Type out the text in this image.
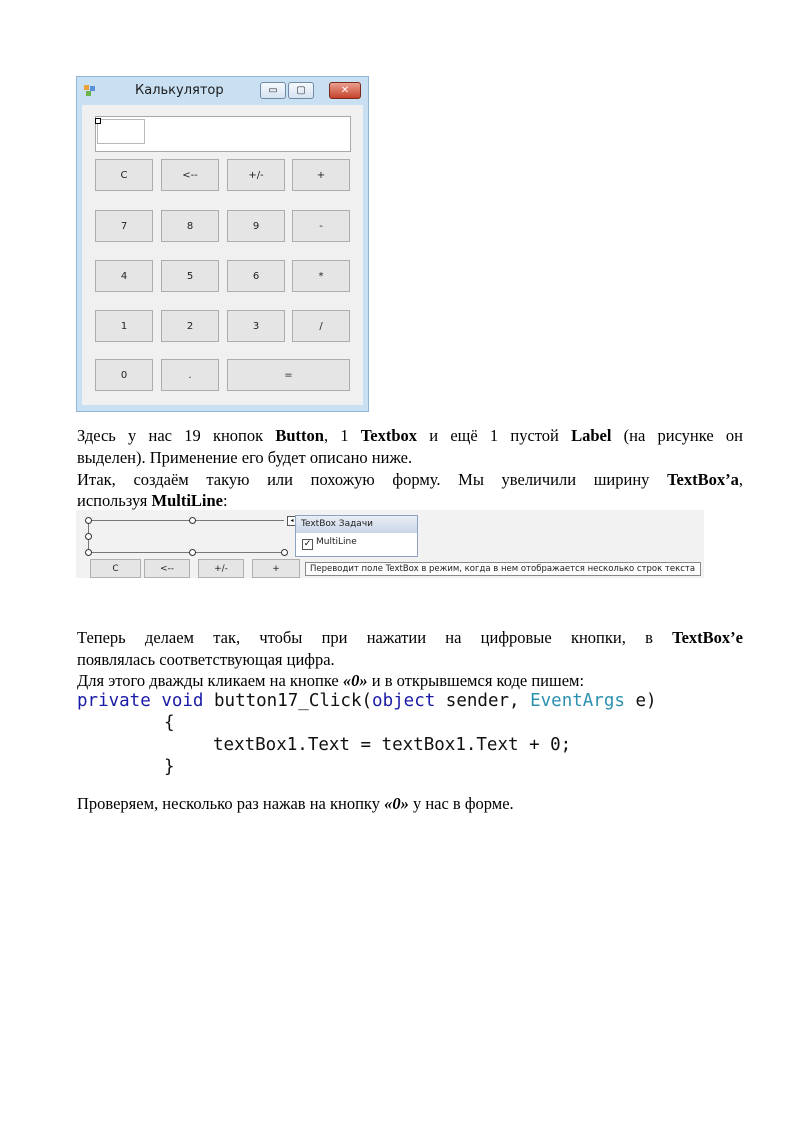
Калькулятор	▭	▢	✕
C	<--	+/-	+
7	8	9	-
4	5	6	*
1	2	3	/
0	.	=
Здесь у нас 19 кнопок Button, 1 Textbox и ещё 1 пустой Label (на рисунке он
выделен). Применение его будет описано ниже.
Итак, создаём такую или похожую форму. Мы увеличили ширину TextBox’a,
используя MultiLine:
◂ TextBox Задачи
✓ MultiLine
C	<--	+/-	+	Переводит поле TextBox в режим, когда в нем отображается несколько строк текста
Теперь делаем так, чтобы при нажатии на цифровые кнопки, в TextBox’e
появлялась соответствующая цифра.
Для этого дважды кликаем на кнопке «0» и в открывшемся коде пишем:
private void button17_Click(object sender, EventArgs e)
{
textBox1.Text = textBox1.Text + 0;
}
Проверяем, несколько раз нажав на кнопку «0» у нас в форме.
